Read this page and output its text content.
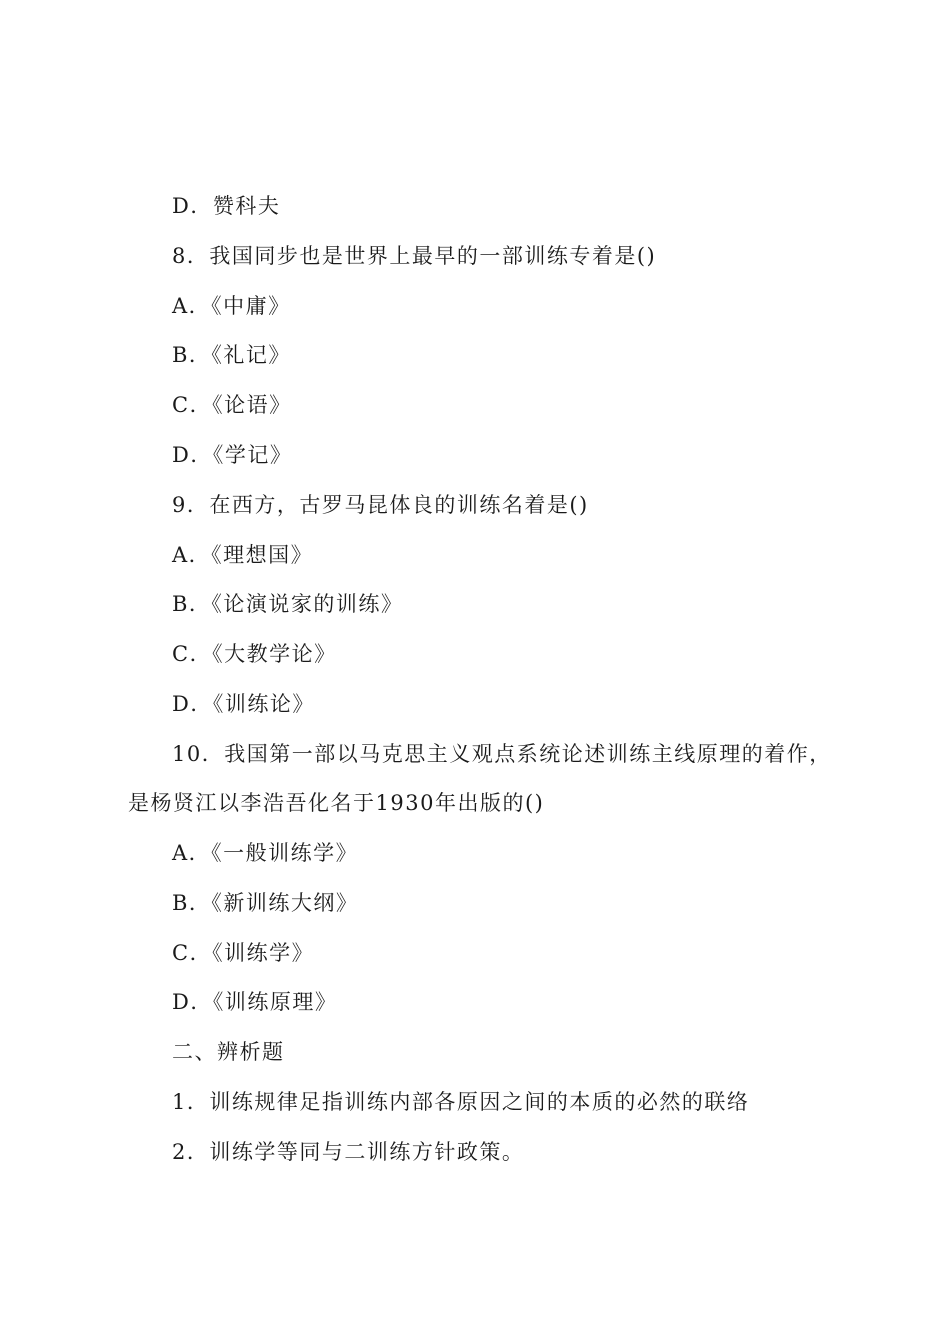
D．赞科夫
8．我国同步也是世界上最早的一部训练专着是()
A．《中庸》
B．《礼记》
C．《论语》
D．《学记》
9．在西方，古罗马昆体良的训练名着是()
A．《理想国》
B．《论演说家的训练》
C．《大教学论》
D．《训练论》
10．我国第一部以马克思主义观点系统论述训练主线原理的着作，
是杨贤江以李浩吾化名于1930年出版的()
A．《一般训练学》
B．《新训练大纲》
C．《训练学》
D．《训练原理》
二、辨析题
1．训练规律足指训练内部各原因之间的本质的必然的联络
2．训练学等同与二训练方针政策。
